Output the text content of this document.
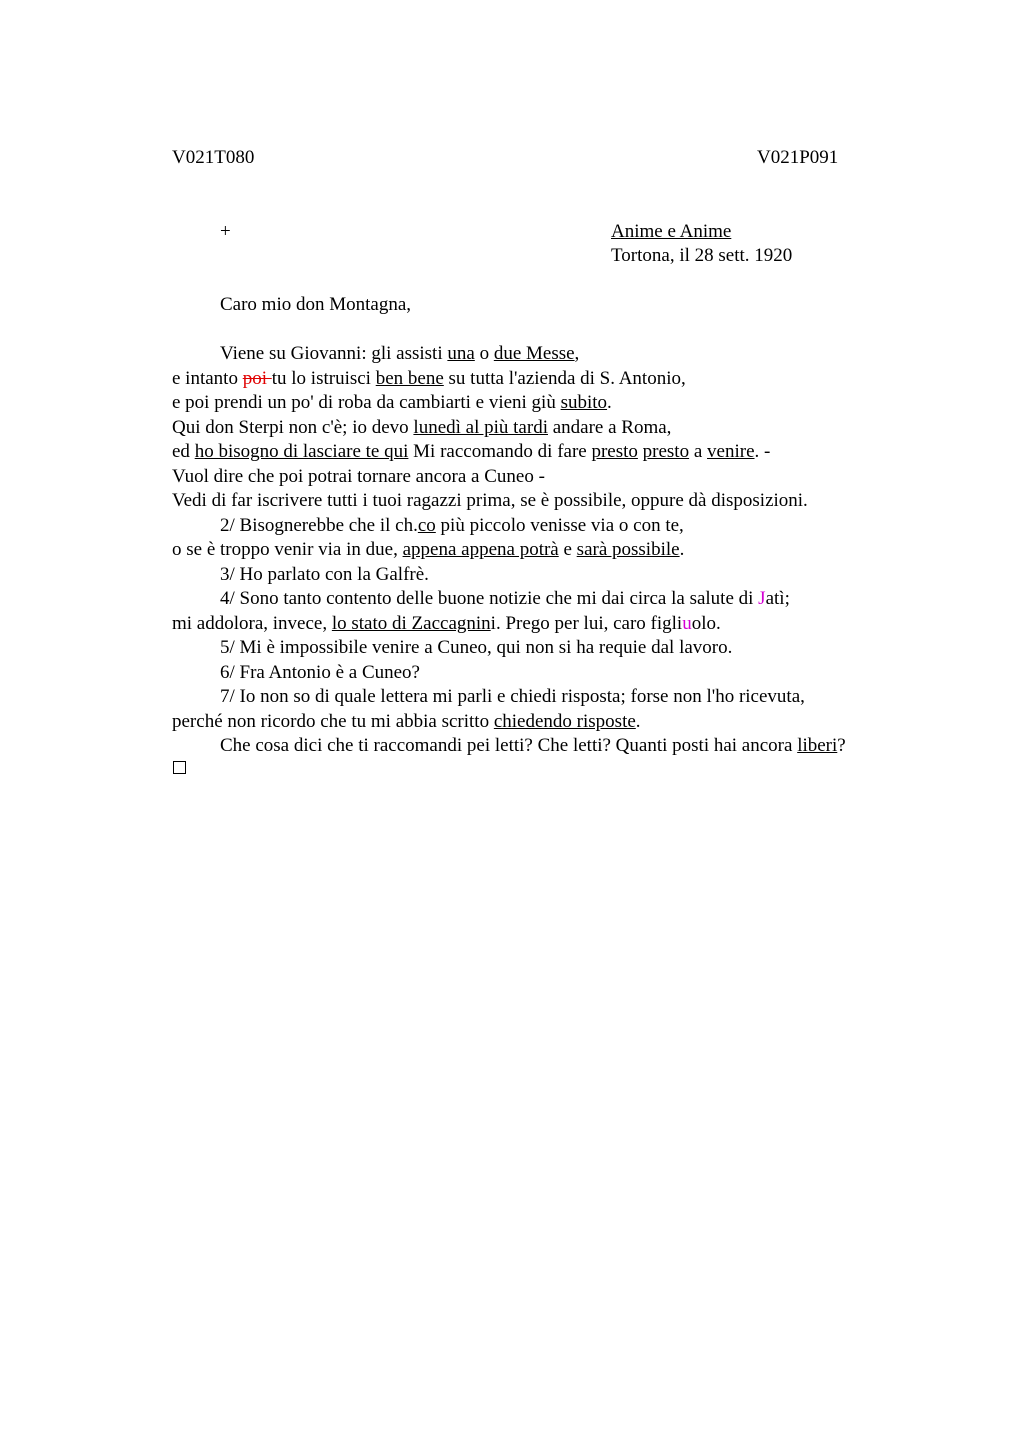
V021T080	V021P091
+	Anime e Anime
Tortona, il 28 sett. 1920
Caro mio don Montagna,
Viene su Giovanni: gli assisti una o due Messe,
e intanto poi tu lo istruisci ben bene su tutta l'azienda di S. Antonio,
e poi prendi un po' di roba da cambiarti e vieni giù subito.
Qui don Sterpi non c'è; io devo lunedì al più tardi andare a Roma,
ed ho bisogno di lasciare te qui Mi raccomando di fare presto presto a venire. -
Vuol dire che poi potrai tornare ancora a Cuneo -
Vedi di far iscrivere tutti i tuoi ragazzi prima, se è possibile, oppure dà disposizioni.
2/ Bisognerebbe che il ch.co più piccolo venisse via o con te,
o se è troppo venir via in due, appena appena potrà e sarà possibile.
3/ Ho parlato con la Galfrè.
4/ Sono tanto contento delle buone notizie che mi dai circa la salute di Jatì;
mi addolora, invece, lo stato di Zaccagnini. Prego per lui, caro figliuolo.
5/ Mi è impossibile venire a Cuneo, qui non si ha requie dal lavoro.
6/ Fra Antonio è a Cuneo?
7/ Io non so di quale lettera mi parli e chiedi risposta; forse non l'ho ricevuta,
perché non ricordo che tu mi abbia scritto chiedendo risposte.
Che cosa dici che ti raccomandi pei letti? Che letti? Quanti posti hai ancora liberi?
